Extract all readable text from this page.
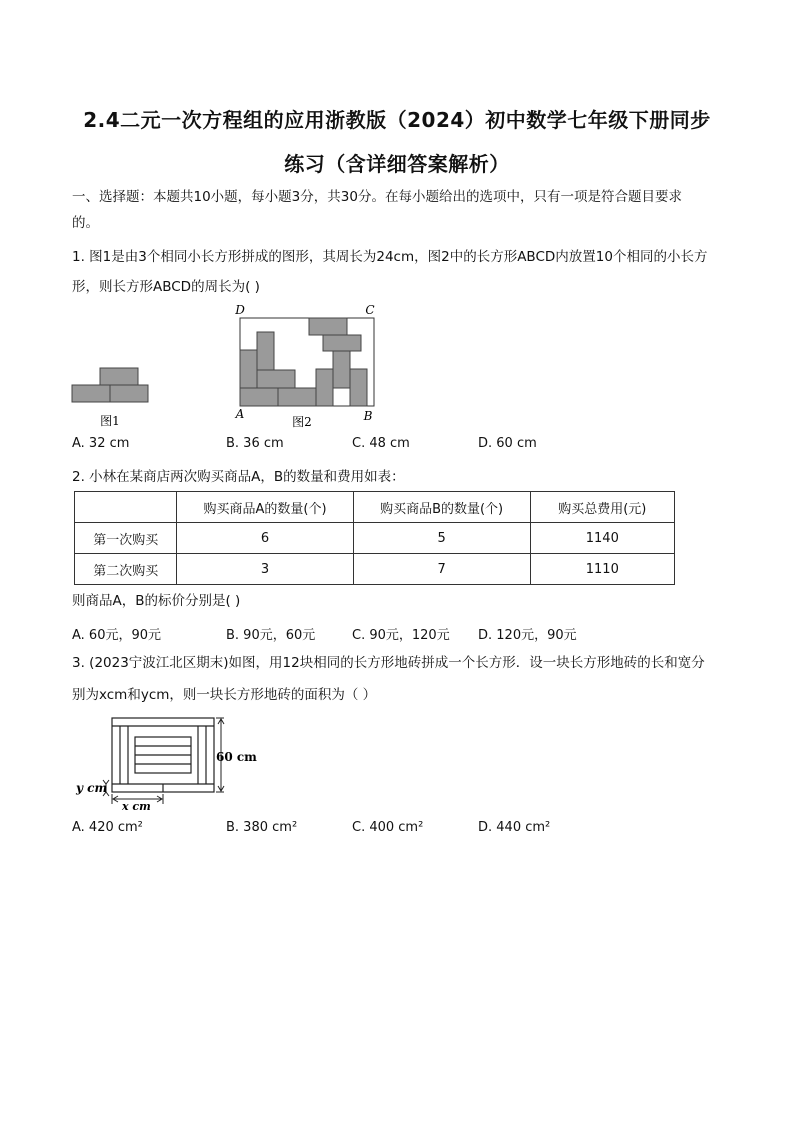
2.4二元一次方程组的应用浙教版（2024）初中数学七年级下册同步
练习（含详细答案解析）
一、选择题：本题共10小题，每小题3分，共30分。在每小题给出的选项中，只有一项是符合题目要求
的。
1. 图1是由3个相同小长方形拼成的图形，其周长为24cm，图2中的长方形ABCD内放置10个相同的小长方
形，则长方形ABCD的周长为( )
图1
D	C
A	B
图2
A. 32 cm	B. 36 cm	C. 48 cm	D. 60 cm
2. 小林在某商店两次购买商品A，B的数量和费用如表：
	购买商品A的数量(个)	购买商品B的数量(个)	购买总费用(元)
第一次购买	6	5	1140
第二次购买	3	7	1110
则商品A，B的标价分别是( )
A. 60元，90元	B. 90元，60元	C. 90元，120元 D. 120元，90元
3. (2023宁波江北区期末)如图，用12块相同的长方形地砖拼成一个长方形．设一块长方形地砖的长和宽分
别为xcm和ycm，则一块长方形地砖的面积为（ ）
60 cm
y cm
x cm
A. 420 cm²	B. 380 cm²	C. 400 cm²	D. 440 cm²
